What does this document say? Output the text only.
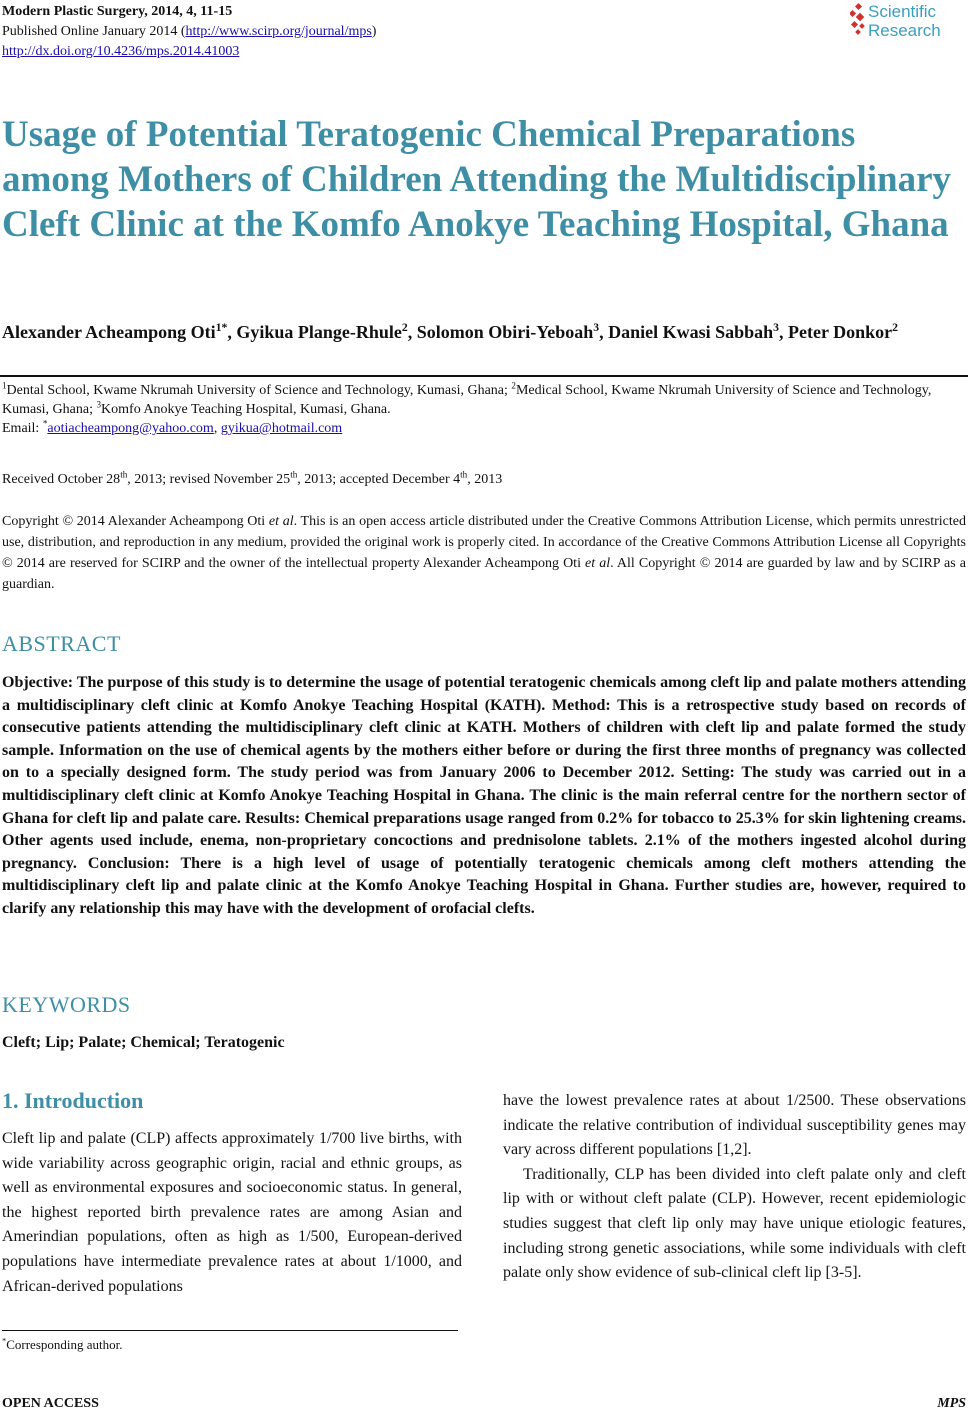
Modern Plastic Surgery, 2014, 4, 11-15
Published Online January 2014 (http://www.scirp.org/journal/mps)
http://dx.doi.org/10.4236/mps.2014.41003
Scientific
Research
Usage of Potential Teratogenic Chemical Preparations among Mothers of Children Attending the Multidisciplinary Cleft Clinic at the Komfo Anokye Teaching Hospital, Ghana
Alexander Acheampong Oti$^{1*}$, Gyikua Plange-Rhule$^2$, Solomon Obiri-Yeboah$^3$, Daniel Kwasi Sabbah$^3$, Peter Donkor$^2$
$^1$Dental School, Kwame Nkrumah University of Science and Technology, Kumasi, Ghana; $^2$Medical School, Kwame Nkrumah University of Science and Technology, Kumasi, Ghana; $^3$Komfo Anokye Teaching Hospital, Kumasi, Ghana.
Email: *aotiacheampong@yahoo.com, gyikua@hotmail.com
Received October 28th, 2013; revised November 25th, 2013; accepted December 4th, 2013
Copyright © 2014 Alexander Acheampong Oti et al. This is an open access article distributed under the Creative Commons Attribution License, which permits unrestricted use, distribution, and reproduction in any medium, provided the original work is properly cited. In accordance of the Creative Commons Attribution License all Copyrights © 2014 are reserved for SCIRP and the owner of the intellectual property Alexander Acheampong Oti et al. All Copyright © 2014 are guarded by law and by SCIRP as a guardian.
ABSTRACT
Objective: The purpose of this study is to determine the usage of potential teratogenic chemicals among cleft lip and palate mothers attending a multidisciplinary cleft clinic at Komfo Anokye Teaching Hospital (KATH). Method: This is a retrospective study based on records of consecutive patients attending the multidisciplinary cleft clinic at KATH. Mothers of children with cleft lip and palate formed the study sample. Information on the use of chemical agents by the mothers either before or during the first three months of pregnancy was collected on to a specially designed form. The study period was from January 2006 to December 2012. Setting: The study was carried out in a multidisciplinary cleft clinic at Komfo Anokye Teaching Hospital in Ghana. The clinic is the main referral centre for the northern sector of Ghana for cleft lip and palate care. Results: Chemical preparations usage ranged from 0.2% for tobacco to 25.3% for skin lightening creams. Other agents used include, enema, non-proprietary concoctions and prednisolone tablets. 2.1% of the mothers ingested alcohol during pregnancy. Conclusion: There is a high level of usage of potentially teratogenic chemicals among cleft mothers attending the multidisciplinary cleft lip and palate clinic at the Komfo Anokye Teaching Hospital in Ghana. Further studies are, however, required to clarify any relationship this may have with the development of orofacial clefts.
KEYWORDS
Cleft; Lip; Palate; Chemical; Teratogenic
1. Introduction

Cleft lip and palate (CLP) affects approximately 1/700 live births, with wide variability across geographic origin, racial and ethnic groups, as well as environmental exposures and socioeconomic status. In general, the highest reported birth prevalence rates are among Asian and Amerindian populations, often as high as 1/500, European-derived populations have intermediate prevalence rates at about 1/1000, and African-derived populations

have the lowest prevalence rates at about 1/2500. These observations indicate the relative contribution of individual susceptibility genes may vary across different populations [1,2].

Traditionally, CLP has been divided into cleft palate only and cleft lip with or without cleft palate (CLP). However, recent epidemiologic studies suggest that cleft lip only may have unique etiologic features, including strong genetic associations, while some individuals with cleft palate only show evidence of sub-clinical cleft lip [3-5].

*Corresponding author.
OPEN ACCESS	MPS
